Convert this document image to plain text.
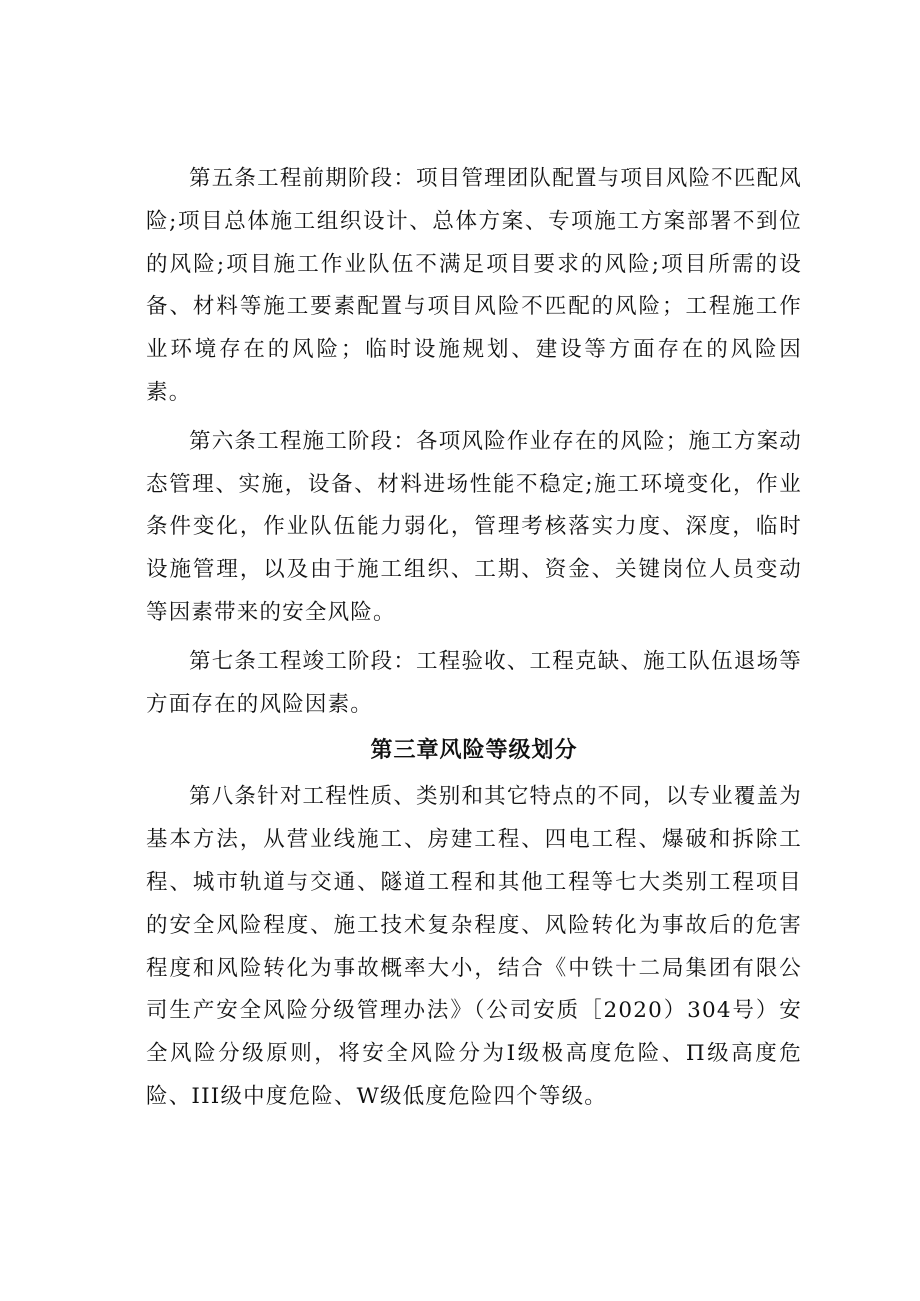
第五条工程前期阶段：项目管理团队配置与项目风险不匹配风险;项目总体施工组织设计、总体方案、专项施工方案部署不到位的风险;项目施工作业队伍不满足项目要求的风险;项目所需的设备、材料等施工要素配置与项目风险不匹配的风险；工程施工作业环境存在的风险；临时设施规划、建设等方面存在的风险因素。

第六条工程施工阶段：各项风险作业存在的风险；施工方案动态管理、实施，设备、材料进场性能不稳定;施工环境变化，作业条件变化，作业队伍能力弱化，管理考核落实力度、深度，临时设施管理，以及由于施工组织、工期、资金、关键岗位人员变动等因素带来的安全风险。

第七条工程竣工阶段：工程验收、工程克缺、施工队伍退场等方面存在的风险因素。

第三章风险等级划分

第八条针对工程性质、类别和其它特点的不同，以专业覆盖为基本方法，从营业线施工、房建工程、四电工程、爆破和拆除工程、城市轨道与交通、隧道工程和其他工程等七大类别工程项目的安全风险程度、施工技术复杂程度、风险转化为事故后的危害程度和风险转化为事故概率大小，结合《中铁十二局集团有限公司生产安全风险分级管理办法》（公司安质［2020）304号）安全风险分级原则，将安全风险分为I级极高度危险、Π级高度危险、III级中度危险、W级低度危险四个等级。
